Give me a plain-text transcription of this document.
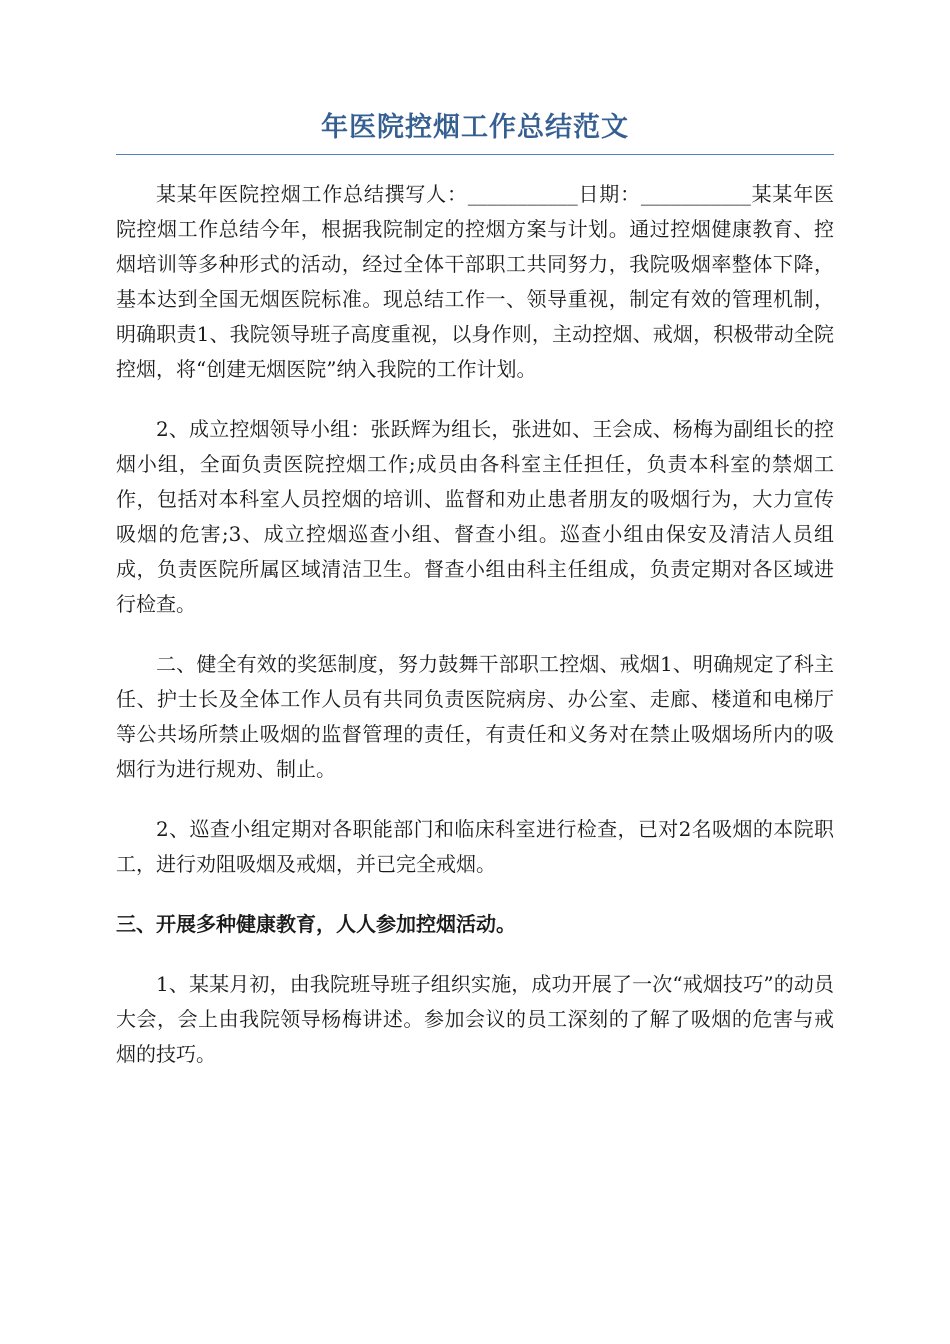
年医院控烟工作总结范文

某某年医院控烟工作总结撰写人：___________日期：___________某某年医院控烟工作总结今年，根据我院制定的控烟方案与计划。通过控烟健康教育、控烟培训等多种形式的活动，经过全体干部职工共同努力，我院吸烟率整体下降，基本达到全国无烟医院标准。现总结工作一、领导重视，制定有效的管理机制，明确职责1、我院领导班子高度重视，以身作则，主动控烟、戒烟，积极带动全院控烟，将“创建无烟医院”纳入我院的工作计划。

2、成立控烟领导小组：张跃辉为组长，张进如、王会成、杨梅为副组长的控烟小组，全面负责医院控烟工作;成员由各科室主任担任，负责本科室的禁烟工作，包括对本科室人员控烟的培训、监督和劝止患者朋友的吸烟行为，大力宣传吸烟的危害;3、成立控烟巡查小组、督查小组。巡查小组由保安及清洁人员组成，负责医院所属区域清洁卫生。督查小组由科主任组成，负责定期对各区域进行检查。

二、健全有效的奖惩制度，努力鼓舞干部职工控烟、戒烟1、明确规定了科主任、护士长及全体工作人员有共同负责医院病房、办公室、走廊、楼道和电梯厅等公共场所禁止吸烟的监督管理的责任，有责任和义务对在禁止吸烟场所内的吸烟行为进行规劝、制止。

2、巡查小组定期对各职能部门和临床科室进行检查，已对2名吸烟的本院职工，进行劝阻吸烟及戒烟，并已完全戒烟。

三、开展多种健康教育，人人参加控烟活动。

1、某某月初，由我院班导班子组织实施，成功开展了一次“戒烟技巧”的动员大会，会上由我院领导杨梅讲述。参加会议的员工深刻的了解了吸烟的危害与戒烟的技巧。
